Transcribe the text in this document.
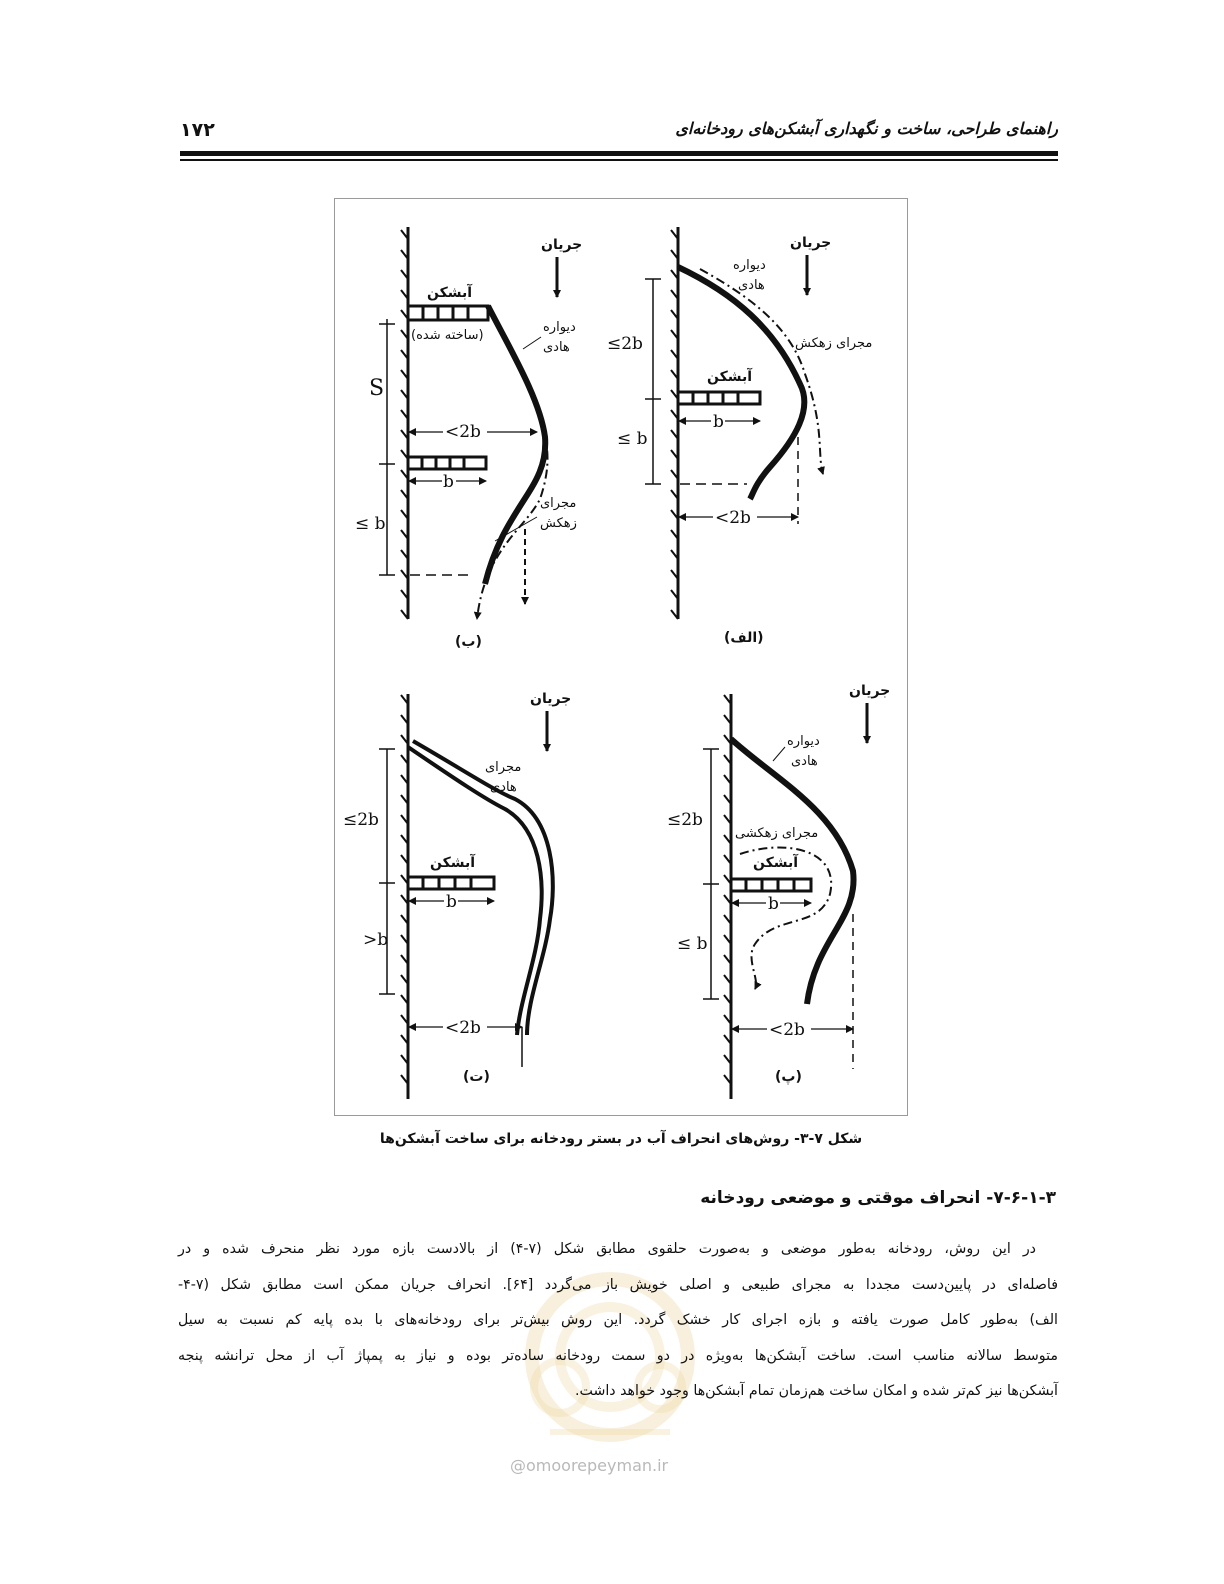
۱۷۲	راهنمای طراحی، ساخت و نگهداری آبشکن‌های رودخانه‌ای
جریان
آبشکن
(ساخته شده)
دیواره
هادی
مجرای
زهکش
S
≤ b
<2b
b
(ب)
جریان
دیواره
هادی
مجرای زهکش
آبشکن
≤2b
≤ b
b
<2b
(الف)
جریان
مجرای
هادی
آبشکن
≤2b
>b
b
<2b
(ت)
جریان
دیواره
هادی
مجرای زهکشی
آبشکن
≤2b
≤ b
b
<2b
(پ)
شکل ۷-۳- روش‌های انحراف آب در بستر رودخانه برای ساخت آبشکن‌ها
۷-۶-۱-۳- انحراف موقتی و موضعی رودخانه
در این روش، رودخانه به‌طور موضعی و به‌صورت حلقوی مطابق شکل (۷-۴) از بالادست بازه مورد نظر منحرف شده و در
فاصله‌ای در پایین‌دست مجددا به مجرای طبیعی و اصلی خویش باز می‌گردد [۶۴]. انحراف جریان ممکن است مطابق شکل (۷-۴-
الف) به‌طور کامل صورت یافته و بازه اجرای کار خشک گردد. این روش بیش‌تر برای رودخانه‌های با بده پایه کم نسبت به سیل
متوسط سالانه مناسب است. ساخت آبشکن‌ها به‌ویژه در دو سمت رودخانه ساده‌تر بوده و نیاز به پمپاژ آب از محل ترانشه پنجه
آبشکن‌ها نیز کم‌تر شده و امکان ساخت هم‌زمان تمام آبشکن‌ها وجود خواهد داشت.
@omoorepeyman.ir
